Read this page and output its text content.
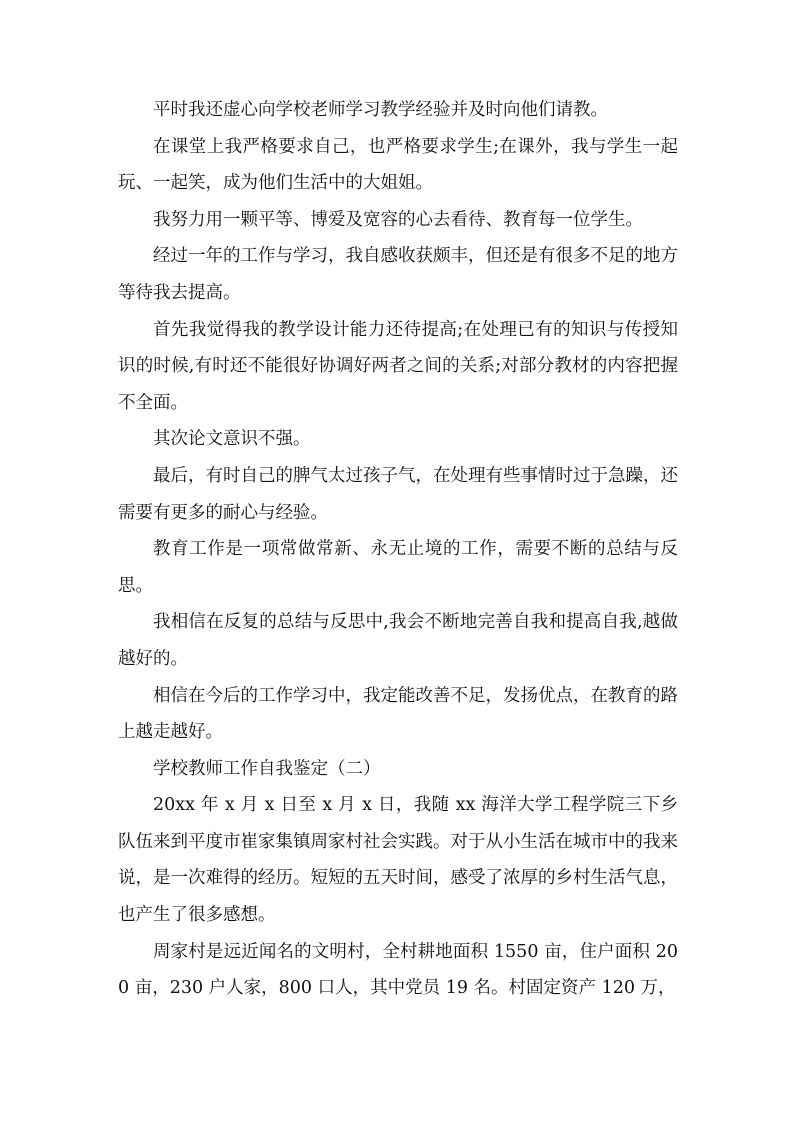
平时我还虚心向学校老师学习教学经验并及时向他们请教。

在课堂上我严格要求自己，也严格要求学生;在课外，我与学生一起玩、一起笑，成为他们生活中的大姐姐。

我努力用一颗平等、博爱及宽容的心去看待、教育每一位学生。

经过一年的工作与学习，我自感收获颇丰，但还是有很多不足的地方等待我去提高。

首先我觉得我的教学设计能力还待提高;在处理已有的知识与传授知识的时候,有时还不能很好协调好两者之间的关系;对部分教材的内容把握不全面。

其次论文意识不强。

最后，有时自己的脾气太过孩子气，在处理有些事情时过于急躁，还需要有更多的耐心与经验。

教育工作是一项常做常新、永无止境的工作，需要不断的总结与反思。

我相信在反复的总结与反思中,我会不断地完善自我和提高自我,越做越好的。

相信在今后的工作学习中，我定能改善不足，发扬优点，在教育的路上越走越好。

学校教师工作自我鉴定（二）

20xx 年 x 月 x 日至 x 月 x 日，我随 xx 海洋大学工程学院三下乡队伍来到平度市崔家集镇周家村社会实践。对于从小生活在城市中的我来说，是一次难得的经历。短短的五天时间，感受了浓厚的乡村生活气息，也产生了很多感想。

周家村是远近闻名的文明村，全村耕地面积 1550 亩，住户面积 200 亩，230 户人家，800 口人，其中党员 19 名。村固定资产 120 万，
